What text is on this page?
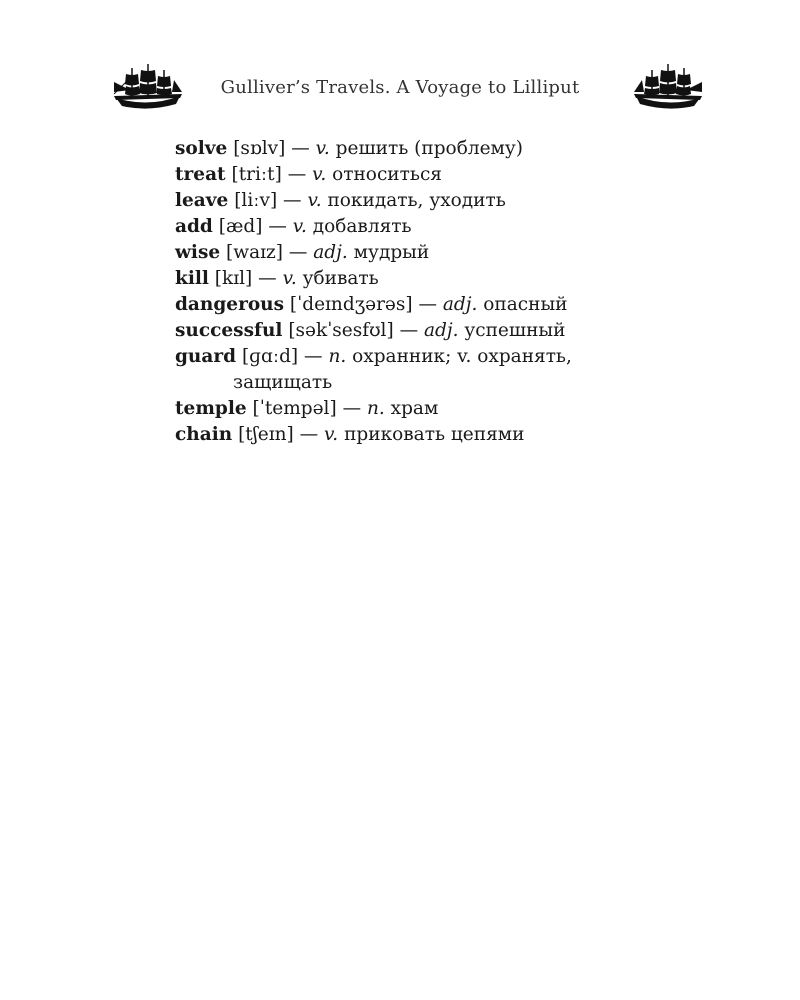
Gulliver’s Travels. A Voyage to Lilliput
solve [sɒlv] — v. решить (проблему)
treat [triːt] — v. относиться
leave [liːv] — v. покидать, уходить
add [æd] — v. добавлять
wise [waɪz] — adj. мудрый
kill [kɪl] — v. убивать
dangerous [ˈdeɪndʒərəs] — adj. опасный
successful [səkˈsesfʊl] — adj. успешный
guard [ɡɑːd] — n. охранник; v. охранять,
защищать
temple [ˈtempəl] — n. храм
chain [tʃeɪn] — v. приковать цепями
